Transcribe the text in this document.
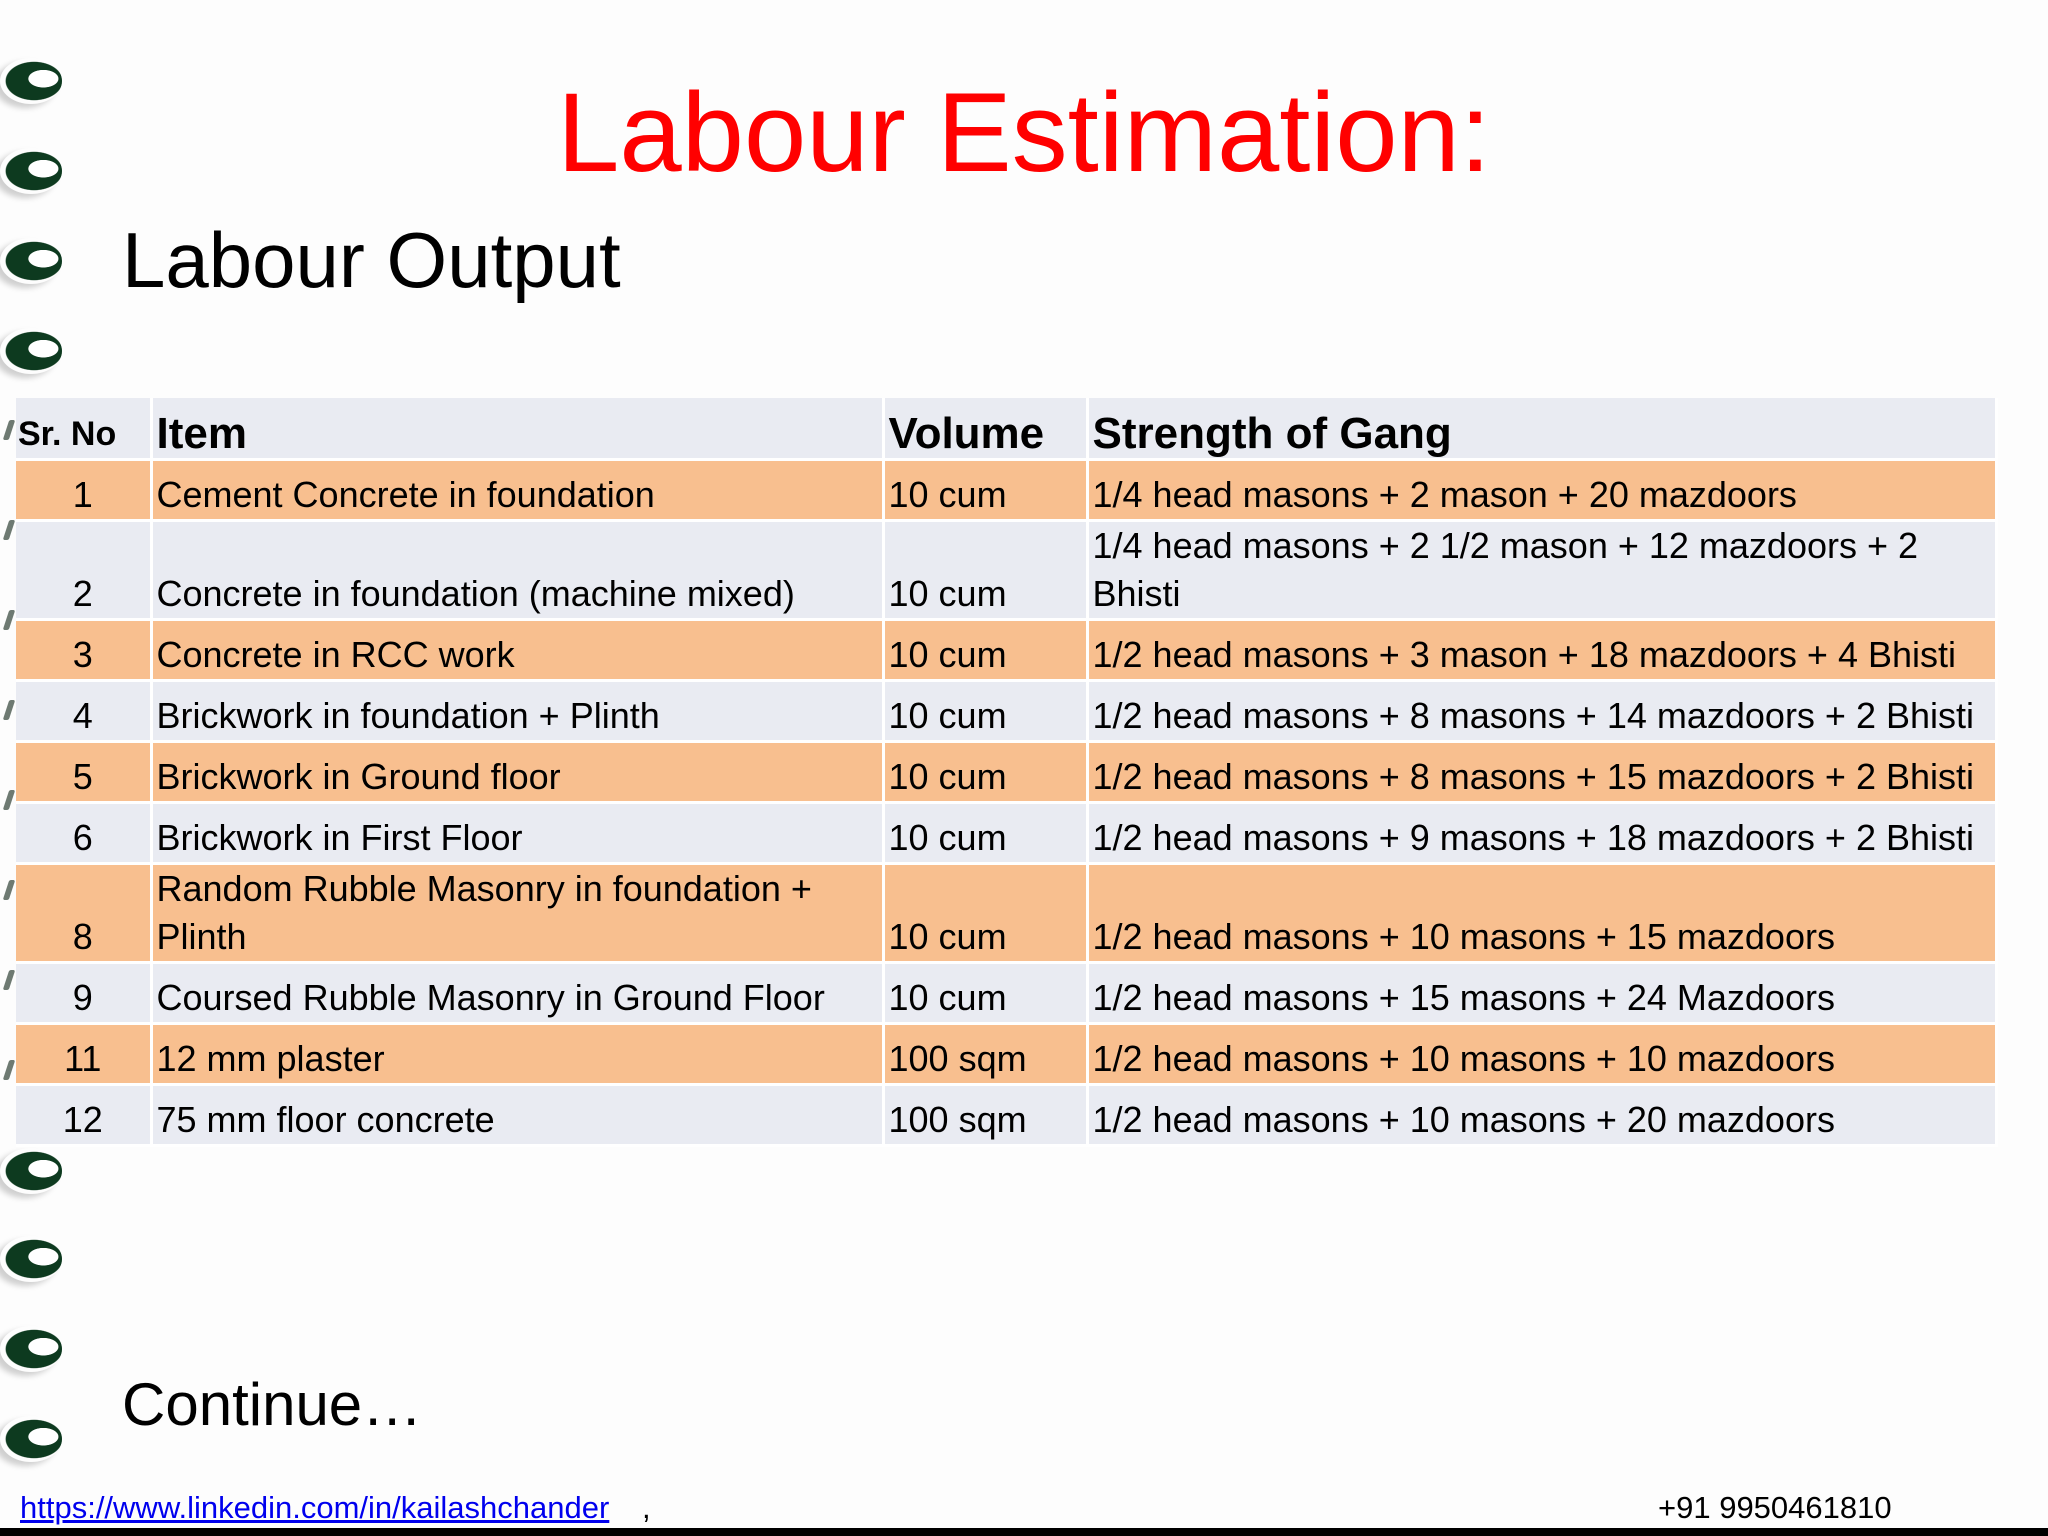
Labour Estimation:
Labour Output
Sr. No	Item	Volume	Strength of Gang
1	Cement Concrete in foundation	10 cum	1/4 head masons + 2 mason + 20 mazdoors
2	Concrete in foundation (machine mixed)	10 cum	1/4 head masons + 2 1/2 mason + 12 mazdoors + 2 Bhisti
3	Concrete in RCC work	10 cum	1/2 head masons + 3 mason + 18 mazdoors + 4 Bhisti
4	Brickwork in foundation + Plinth	10 cum	1/2 head masons + 8 masons + 14 mazdoors + 2 Bhisti
5	Brickwork in Ground floor	10 cum	1/2 head masons + 8 masons + 15 mazdoors + 2 Bhisti
6	Brickwork in First Floor	10 cum	1/2 head masons + 9 masons + 18 mazdoors + 2 Bhisti
8	Random Rubble Masonry in foundation + Plinth	10 cum	1/2 head masons + 10 masons + 15 mazdoors
9	Coursed Rubble Masonry in Ground Floor	10 cum	1/2 head masons + 15 masons + 24 Mazdoors
11	12 mm plaster	100 sqm	1/2 head masons + 10 masons + 10 mazdoors
12	75 mm floor concrete	100 sqm	1/2 head masons + 10 masons + 20 mazdoors
Continue…
https://www.linkedin.com/in/kailashchander ,	+91 9950461810
